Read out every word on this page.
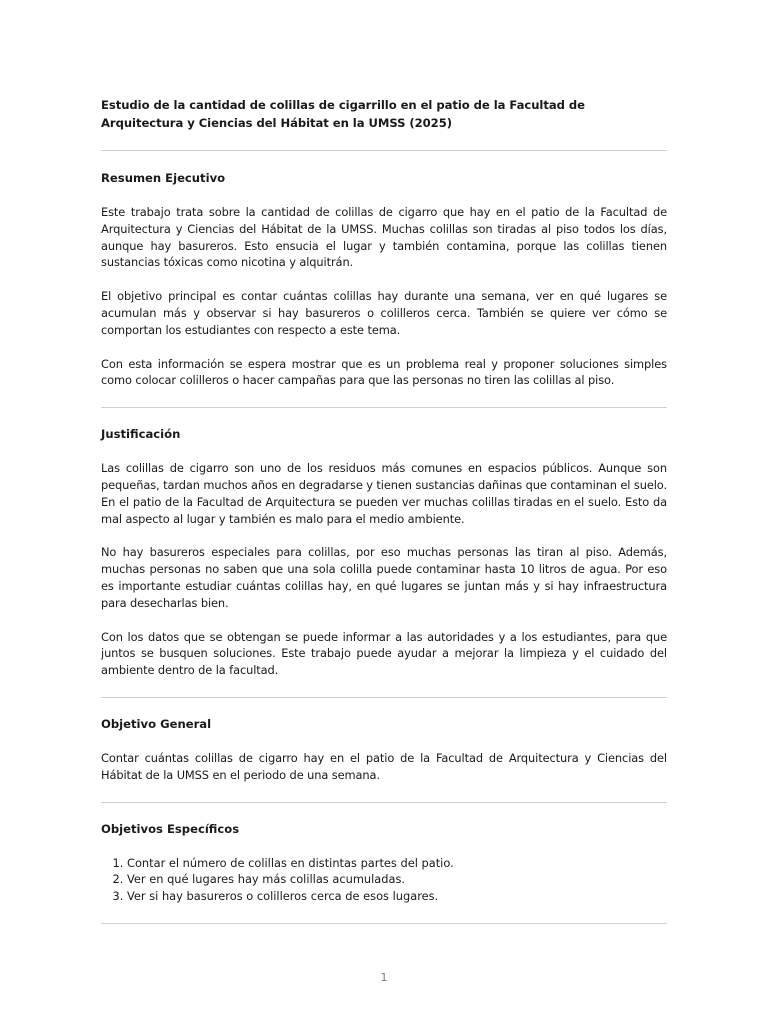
Estudio de la cantidad de colillas de cigarrillo en el patio de la Facultad de Arquitectura y Ciencias del Hábitat en la UMSS (2025)
Resumen Ejecutivo

Este trabajo trata sobre la cantidad de colillas de cigarro que hay en el patio de la Facultad de Arquitectura y Ciencias del Hábitat de la UMSS. Muchas colillas son tiradas al piso todos los días, aunque hay basureros. Esto ensucia el lugar y también contamina, porque las colillas tienen sustancias tóxicas como nicotina y alquitrán.

El objetivo principal es contar cuántas colillas hay durante una semana, ver en qué lugares se acumulan más y observar si hay basureros o colilleros cerca. También se quiere ver cómo se comportan los estudiantes con respecto a este tema.

Con esta información se espera mostrar que es un problema real y proponer soluciones simples como colocar colilleros o hacer campañas para que las personas no tiren las colillas al piso.

Justificación

Las colillas de cigarro son uno de los residuos más comunes en espacios públicos. Aunque son pequeñas, tardan muchos años en degradarse y tienen sustancias dañinas que contaminan el suelo. En el patio de la Facultad de Arquitectura se pueden ver muchas colillas tiradas en el suelo. Esto da mal aspecto al lugar y también es malo para el medio ambiente.

No hay basureros especiales para colillas, por eso muchas personas las tiran al piso. Además, muchas personas no saben que una sola colilla puede contaminar hasta 10 litros de agua. Por eso es importante estudiar cuántas colillas hay, en qué lugares se juntan más y si hay infraestructura para desecharlas bien.

Con los datos que se obtengan se puede informar a las autoridades y a los estudiantes, para que juntos se busquen soluciones. Este trabajo puede ayudar a mejorar la limpieza y el cuidado del ambiente dentro de la facultad.

Objetivo General

Contar cuántas colillas de cigarro hay en el patio de la Facultad de Arquitectura y Ciencias del Hábitat de la UMSS en el periodo de una semana.

Objetivos Específicos
1. Contar el número de colillas en distintas partes del patio.
2. Ver en qué lugares hay más colillas acumuladas.
3. Ver si hay basureros o colilleros cerca de esos lugares.
1
